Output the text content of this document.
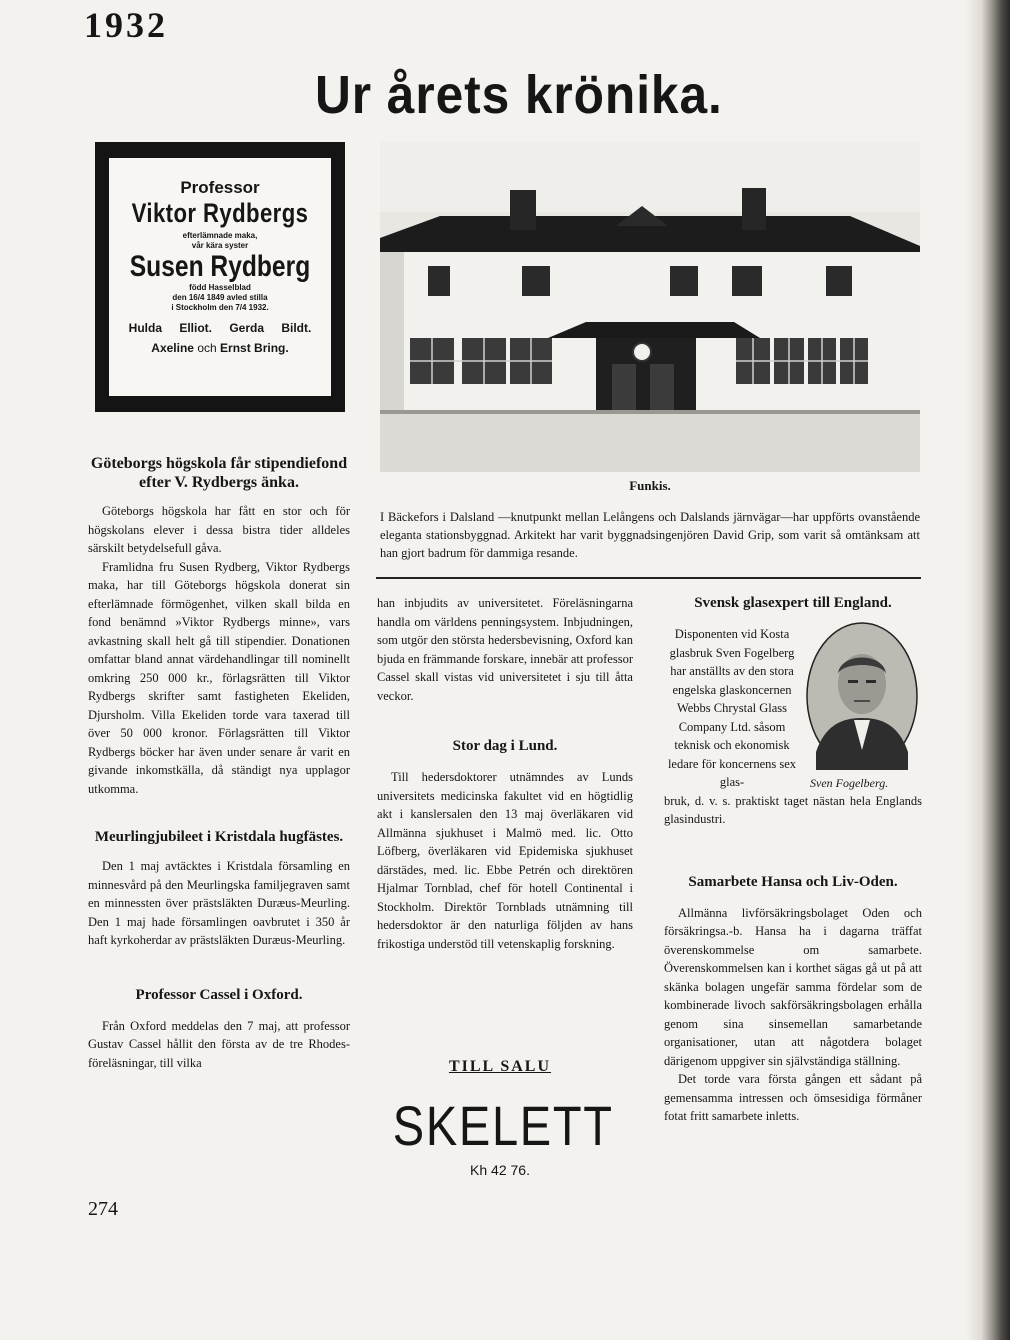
1932
Ur årets krönika.
Professor
Viktor Rydbergs
efterlämnade maka,
vår kära syster
Susen Rydberg
född Hasselblad
den 16/4 1849 avled stilla
i Stockholm den 7/4 1932.
Hulda Elliot. Gerda Bildt.
Axeline och Ernst Bring.
Funkis.
I Bäckefors i Dalsland —knutpunkt mellan Lelångens och Dalslands järnvägar—har uppförts ovanstående eleganta stationsbyggnad. Arkitekt har varit byggnadsingenjören David Grip, som varit så omtänksam att han gjort badrum för dammiga resande.
Göteborgs högskola får stipendiefond efter V. Rydbergs änka.

Göteborgs högskola har fått en stor och för högskolans elever i dessa bistra tider alldeles särskilt betydelsefull gåva.

Framlidna fru Susen Rydberg, Viktor Rydbergs maka, har till Göteborgs högskola donerat sin efterlämnade förmögenhet, vilken skall bilda en fond benämnd »Viktor Rydbergs minne», vars avkastning skall helt gå till stipendier. Donationen omfattar bland annat värdehandlingar till nominellt omkring 250 000 kr., förlagsrätten till Viktor Rydbergs skrifter samt fastigheten Ekeliden, Djursholm. Villa Ekeliden torde vara taxerad till över 50 000 kronor. Förlagsrätten till Viktor Rydbergs böcker har även under senare år varit en givande inkomstkälla, då ständigt nya upplagor utkomma.

Meurlingjubileet i Kristdala hugfästes.

Den 1 maj avtäcktes i Kristdala församling en minnesvård på den Meurlingska familjegraven samt en minnessten över prästsläkten Duræus-Meurling. Den 1 maj hade församlingen oavbrutet i 350 år haft kyrkoherdar av prästsläkten Duræus-Meurling.

Professor Cassel i Oxford.

Från Oxford meddelas den 7 maj, att professor Gustav Cassel hållit den första av de tre Rhodes-föreläsningar, till vilka

han inbjudits av universitetet. Föreläsningarna handla om världens penningsystem. Inbjudningen, som utgör den största hedersbevisning, Oxford kan bjuda en främmande forskare, innebär att professor Cassel skall vistas vid universitetet i sju till åtta veckor.

Stor dag i Lund.

Till hedersdoktorer utnämndes av Lunds universitets medicinska fakultet vid en högtidlig akt i kanslersalen den 13 maj överläkaren vid Allmänna sjukhuset i Malmö med. lic. Otto Löfberg, överläkaren vid Epidemiska sjukhuset därstädes, med. lic. Ebbe Petrén och direktören Hjalmar Tornblad, chef för hotell Continental i Stockholm. Direktör Tornblads utnämning till hedersdoktor är den naturliga följden av hans frikostiga understöd till vetenskaplig forskning.

TILL SALU
SKELETT
Kh 42 76.
Svensk glasexpert till England.

Disponenten vid Kosta glasbruk Sven Fogelberg har anställts av den stora engelska glaskoncernen Webbs Chrystal Glass Company Ltd. såsom teknisk och ekonomisk ledare för koncernens sex glas-

bruk, d. v. s. praktiskt taget nästan hela Englands glasindustri.

Samarbete Hansa och Liv-Oden.

Allmänna livförsäkringsbolaget Oden och försäkringsa.-b. Hansa ha i dagarna träffat överenskommelse om samarbete. Överenskommelsen kan i korthet sägas gå ut på att skänka bolagen ungefär samma fördelar som de kombinerade livoch sakförsäkringsbolagen erhålla genom sina sinsemellan samarbetande organisationer, utan att någotdera bolaget därigenom uppgiver sin självständiga ställning.

Det torde vara första gången ett sådant på gemensamma intressen och ömsesidiga förmåner fotat fritt samarbete inletts.

Sven Fogelberg.
274
